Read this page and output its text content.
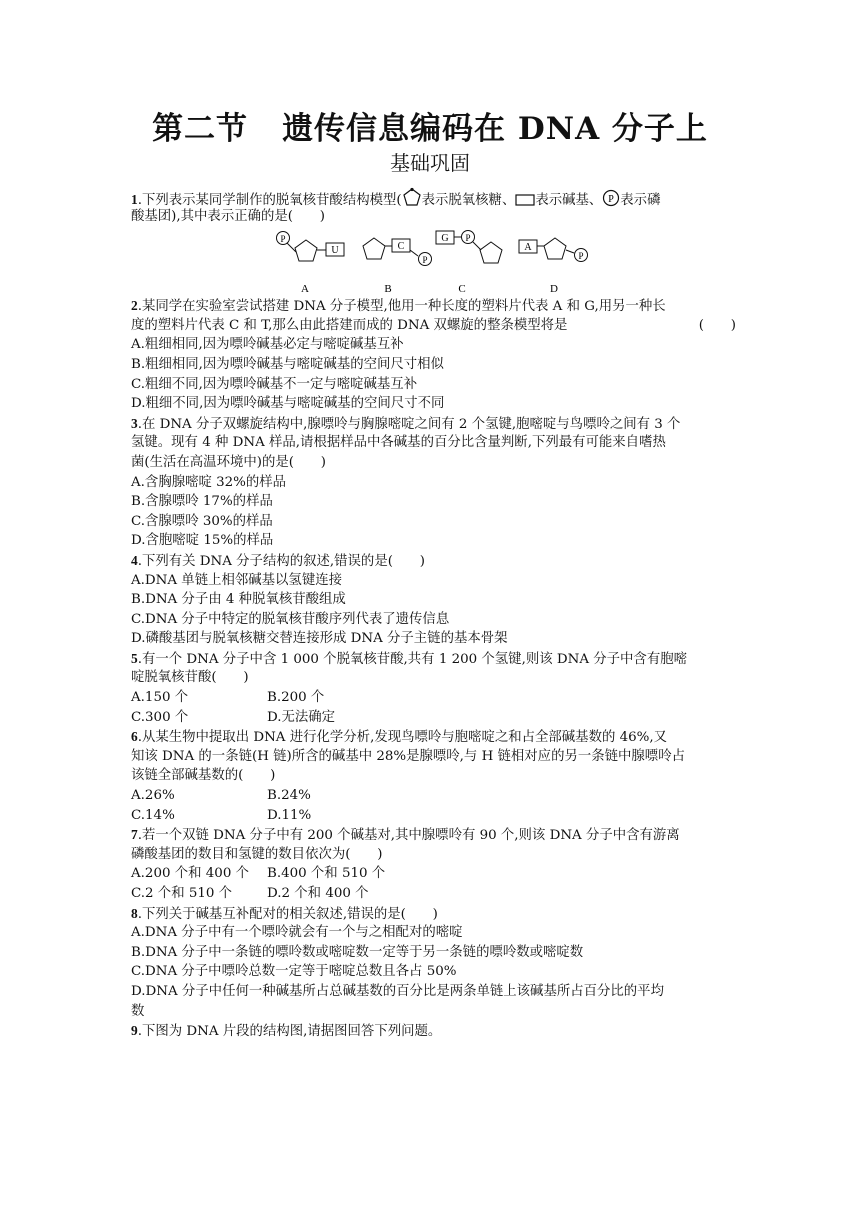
第二节 遗传信息编码在 DNA 分子上
基础巩固
1.下列表示某同学制作的脱氧核苷酸结构模型( 表示脱氧核糖、 表示碱基、 P 表示磷
酸基团),其中表示正确的是(　　)
P
U
A
C
P
B
G P
C
A
P
D
2.某同学在实验室尝试搭建 DNA 分子模型,他用一种长度的塑料片代表 A 和 G,用另一种长
度的塑料片代表 C 和 T,那么由此搭建而成的 DNA 双螺旋的整条模型将是	(　　)
A.粗细相同,因为嘌呤碱基必定与嘧啶碱基互补
B.粗细相同,因为嘌呤碱基与嘧啶碱基的空间尺寸相似
C.粗细不同,因为嘌呤碱基不一定与嘧啶碱基互补
D.粗细不同,因为嘌呤碱基与嘧啶碱基的空间尺寸不同
3.在 DNA 分子双螺旋结构中,腺嘌呤与胸腺嘧啶之间有 2 个氢键,胞嘧啶与鸟嘌呤之间有 3 个
氢键。现有 4 种 DNA 样品,请根据样品中各碱基的百分比含量判断,下列最有可能来自嗜热
菌(生活在高温环境中)的是(　　)
A.含胸腺嘧啶 32%的样品
B.含腺嘌呤 17%的样品
C.含腺嘌呤 30%的样品
D.含胞嘧啶 15%的样品
4.下列有关 DNA 分子结构的叙述,错误的是(　　)
A.DNA 单链上相邻碱基以氢键连接
B.DNA 分子由 4 种脱氧核苷酸组成
C.DNA 分子中特定的脱氧核苷酸序列代表了遗传信息
D.磷酸基团与脱氧核糖交替连接形成 DNA 分子主链的基本骨架
5.有一个 DNA 分子中含 1 000 个脱氧核苷酸,共有 1 200 个氢键,则该 DNA 分子中含有胞嘧
啶脱氧核苷酸(　　)
A.150 个	B.200 个
C.300 个	D.无法确定
6.从某生物中提取出 DNA 进行化学分析,发现鸟嘌呤与胞嘧啶之和占全部碱基数的 46%,又
知该 DNA 的一条链(H 链)所含的碱基中 28%是腺嘌呤,与 H 链相对应的另一条链中腺嘌呤占
该链全部碱基数的(　　)
A.26%	B.24%
C.14%	D.11%
7.若一个双链 DNA 分子中有 200 个碱基对,其中腺嘌呤有 90 个,则该 DNA 分子中含有游离
磷酸基团的数目和氢键的数目依次为(　　)
A.200 个和 400 个	B.400 个和 510 个
C.2 个和 510 个	D.2 个和 400 个
8.下列关于碱基互补配对的相关叙述,错误的是(　　)
A.DNA 分子中有一个嘌呤就会有一个与之相配对的嘧啶
B.DNA 分子中一条链的嘌呤数或嘧啶数一定等于另一条链的嘌呤数或嘧啶数
C.DNA 分子中嘌呤总数一定等于嘧啶总数且各占 50%
D.DNA 分子中任何一种碱基所占总碱基数的百分比是两条单链上该碱基所占百分比的平均
数
9.下图为 DNA 片段的结构图,请据图回答下列问题。
